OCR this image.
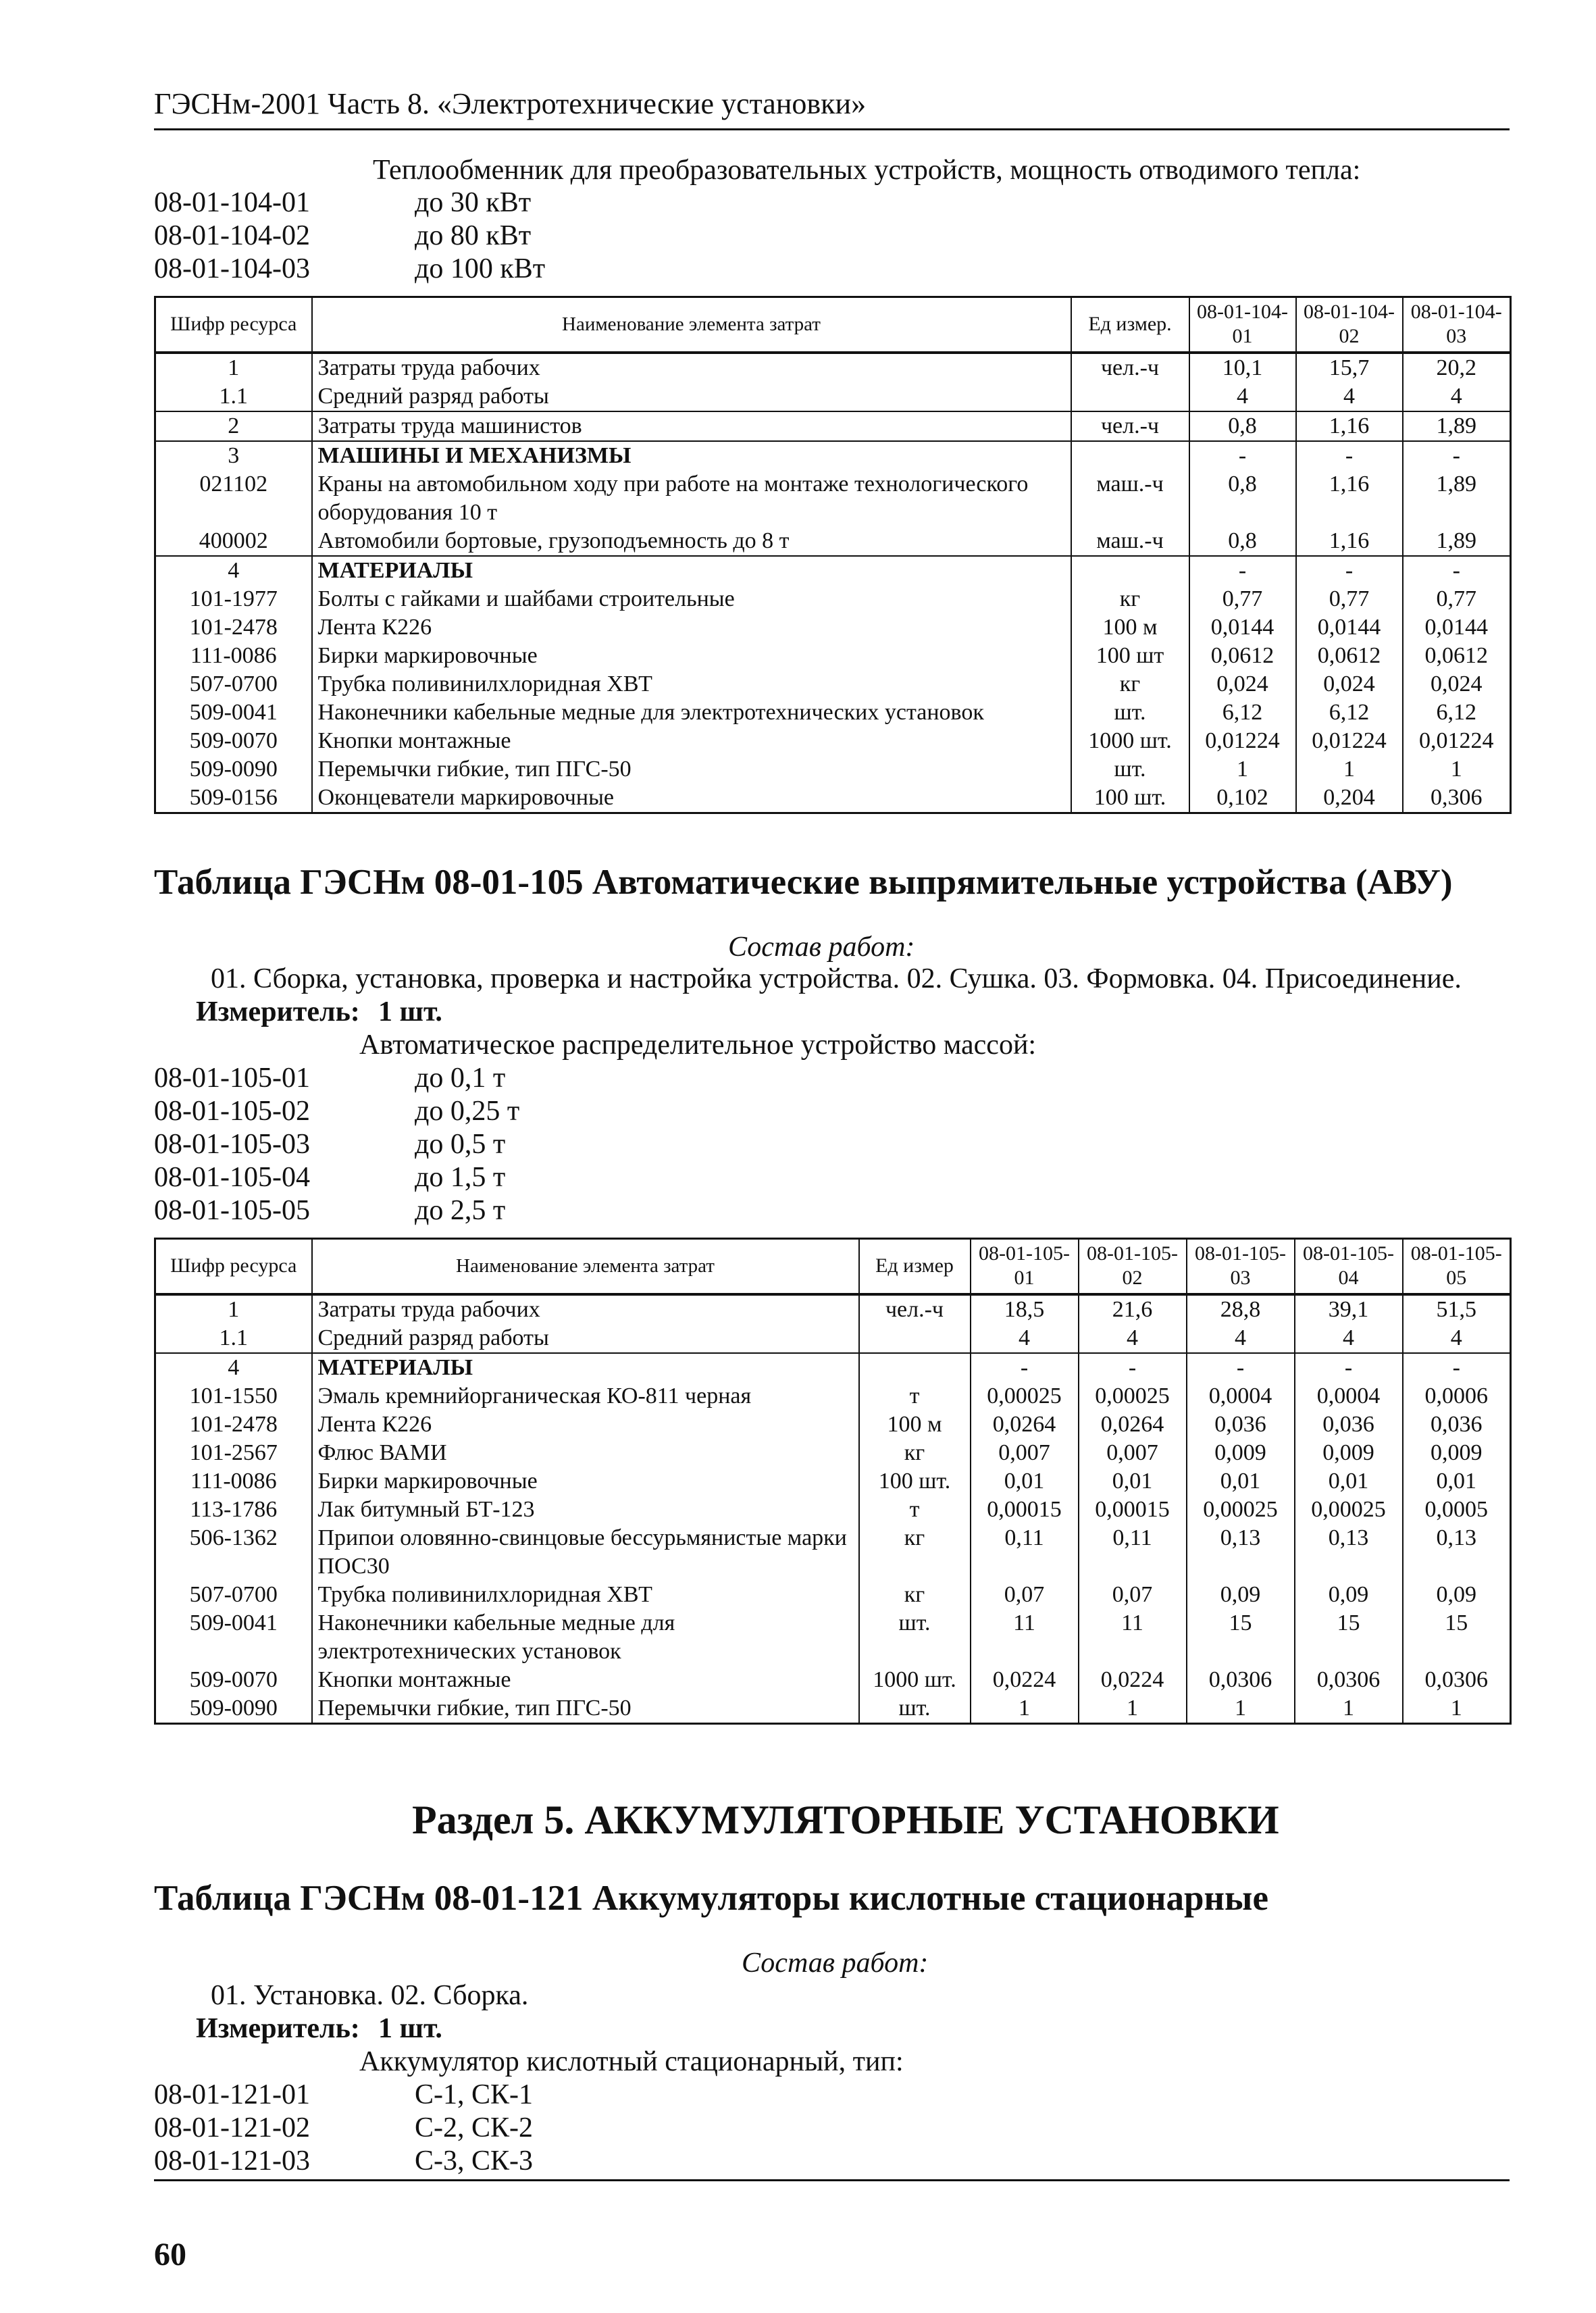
ГЭСНм-2001 Часть 8. «Электротехнические установки»
Теплообменник для преобразовательных устройств, мощность отводимого тепла:
08-01-104-01	до 30 кВт
08-01-104-02	до 80 кВт
08-01-104-03	до 100 кВт
Шифр ресурса	Наименование элемента затрат	Ед измер.	08-01-104-01	08-01-104-02	08-01-104-03
1	Затраты труда рабочих	чел.-ч	10,1	15,7	20,2
1.1	Средний разряд работы		4	4	4
2	Затраты труда машинистов	чел.-ч	0,8	1,16	1,89
3	МАШИНЫ И МЕХАНИЗМЫ		-	-	-
021102	Краны на автомобильном ходу при работе на монтаже технологического оборудования 10 т	маш.-ч	0,8	1,16	1,89
400002	Автомобили бортовые, грузоподъемность до 8 т	маш.-ч	0,8	1,16	1,89
4	МАТЕРИАЛЫ		-	-	-
101-1977	Болты с гайками и шайбами строительные	кг	0,77	0,77	0,77
101-2478	Лента К226	100 м	0,0144	0,0144	0,0144
111-0086	Бирки маркировочные	100 шт	0,0612	0,0612	0,0612
507-0700	Трубка поливинилхлоридная ХВТ	кг	0,024	0,024	0,024
509-0041	Наконечники кабельные медные для электротехнических установок	шт.	6,12	6,12	6,12
509-0070	Кнопки монтажные	1000 шт.	0,01224	0,01224	0,01224
509-0090	Перемычки гибкие, тип ПГС-50	шт.	1	1	1
509-0156	Оконцеватели маркировочные	100 шт.	0,102	0,204	0,306
Таблица ГЭСНм 08-01-105 Автоматические выпрямительные устройства (АВУ)
Состав работ:
01. Сборка, установка, проверка и настройка устройства. 02. Сушка. 03. Формовка. 04. Присоединение.
Измеритель: 1 шт.
Автоматическое распределительное устройство массой:
08-01-105-01	до 0,1 т
08-01-105-02	до 0,25 т
08-01-105-03	до 0,5 т
08-01-105-04	до 1,5 т
08-01-105-05	до 2,5 т
Шифр ресурса	Наименование элемента затрат	Ед измер	08-01-105-01	08-01-105-02	08-01-105-03	08-01-105-04	08-01-105-05
1	Затраты труда рабочих	чел.-ч	18,5	21,6	28,8	39,1	51,5
1.1	Средний разряд работы		4	4	4	4	4
4	МАТЕРИАЛЫ		-	-	-	-	-
101-1550	Эмаль кремнийорганическая КО-811 черная	т	0,00025	0,00025	0,0004	0,0004	0,0006
101-2478	Лента К226	100 м	0,0264	0,0264	0,036	0,036	0,036
101-2567	Флюс ВАМИ	кг	0,007	0,007	0,009	0,009	0,009
111-0086	Бирки маркировочные	100 шт.	0,01	0,01	0,01	0,01	0,01
113-1786	Лак битумный БТ-123	т	0,00015	0,00015	0,00025	0,00025	0,0005
506-1362	Припои оловянно-свинцовые бессурьмянистые марки ПОС30	кг	0,11	0,11	0,13	0,13	0,13
507-0700	Трубка поливинилхлоридная ХВТ	кг	0,07	0,07	0,09	0,09	0,09
509-0041	Наконечники кабельные медные для электротехнических установок	шт.	11	11	15	15	15
509-0070	Кнопки монтажные	1000 шт.	0,0224	0,0224	0,0306	0,0306	0,0306
509-0090	Перемычки гибкие, тип ПГС-50	шт.	1	1	1	1	1
Раздел 5. АККУМУЛЯТОРНЫЕ УСТАНОВКИ
Таблица ГЭСНм 08-01-121 Аккумуляторы кислотные стационарные
Состав работ:
01. Установка. 02. Сборка.
Измеритель: 1 шт.
Аккумулятор кислотный стационарный, тип:
08-01-121-01	С-1, СК-1
08-01-121-02	С-2, СК-2
08-01-121-03	С-3, СК-3
60
